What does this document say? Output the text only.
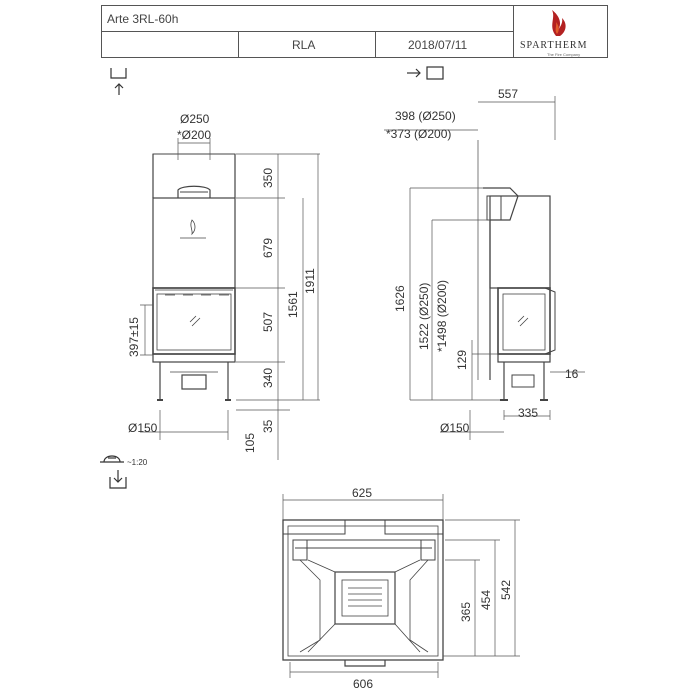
Arte 3RL-60h
RLA	2018/07/11	SPARTHERM
The Fire Company
Ø250
*Ø200
350
679
507
340
1561
1911
397±15
Ø150
105
35
557
398 (Ø250)
*373 (Ø200)
1626 1522 (Ø250) *1498 (Ø200)
129
16
335
Ø150
625
606
365
454 542
~1:20
